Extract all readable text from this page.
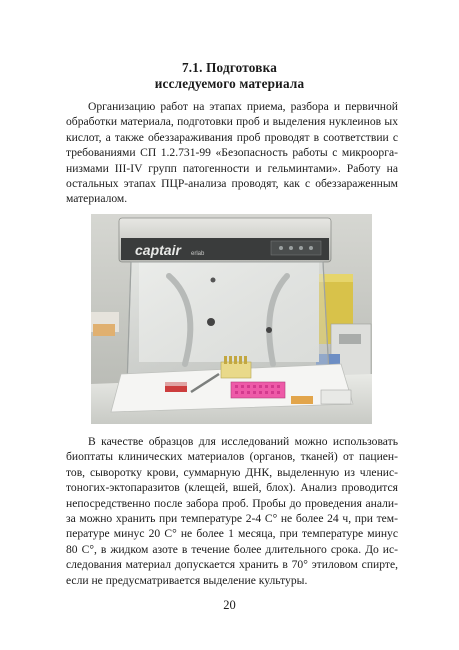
7.1. Подготовка
исследуемого материала

Организацию работ на этапах приема, разбора и первичной
обработки материала, подготовки проб и выделения нуклеинов ых
кислот, а также обеззараживания проб проводят в соответствии с
требованиями СП 1.2.731-99 «Безопасность работы с микроорга-
низмами III-IV групп патогенности и гельминтами». Работу на
остальных этапах ПЦР-анализа проводят, как с обеззараженным
материалом.

captair erlab

В качестве образцов для исследований можно использовать
биоптаты клинических материалов (органов, тканей) от пациен-
тов, сыворотку крови, суммарную ДНК, выделенную из членис-
тоногих-эктопаразитов (клещей, вшей, блох). Анализ проводится
непосредственно после забора проб. Пробы до проведения анали-
за можно хранить при температуре 2-4 С° не более 24 ч, при тем-
пературе минус 20 С° не более 1 месяца, при температуре минус
80 С°, в жидком азоте в течение более длительного срока. До ис-
следования материал допускается хранить в 70° этиловом спирте,
если не предусматривается выделение культуры.

20
